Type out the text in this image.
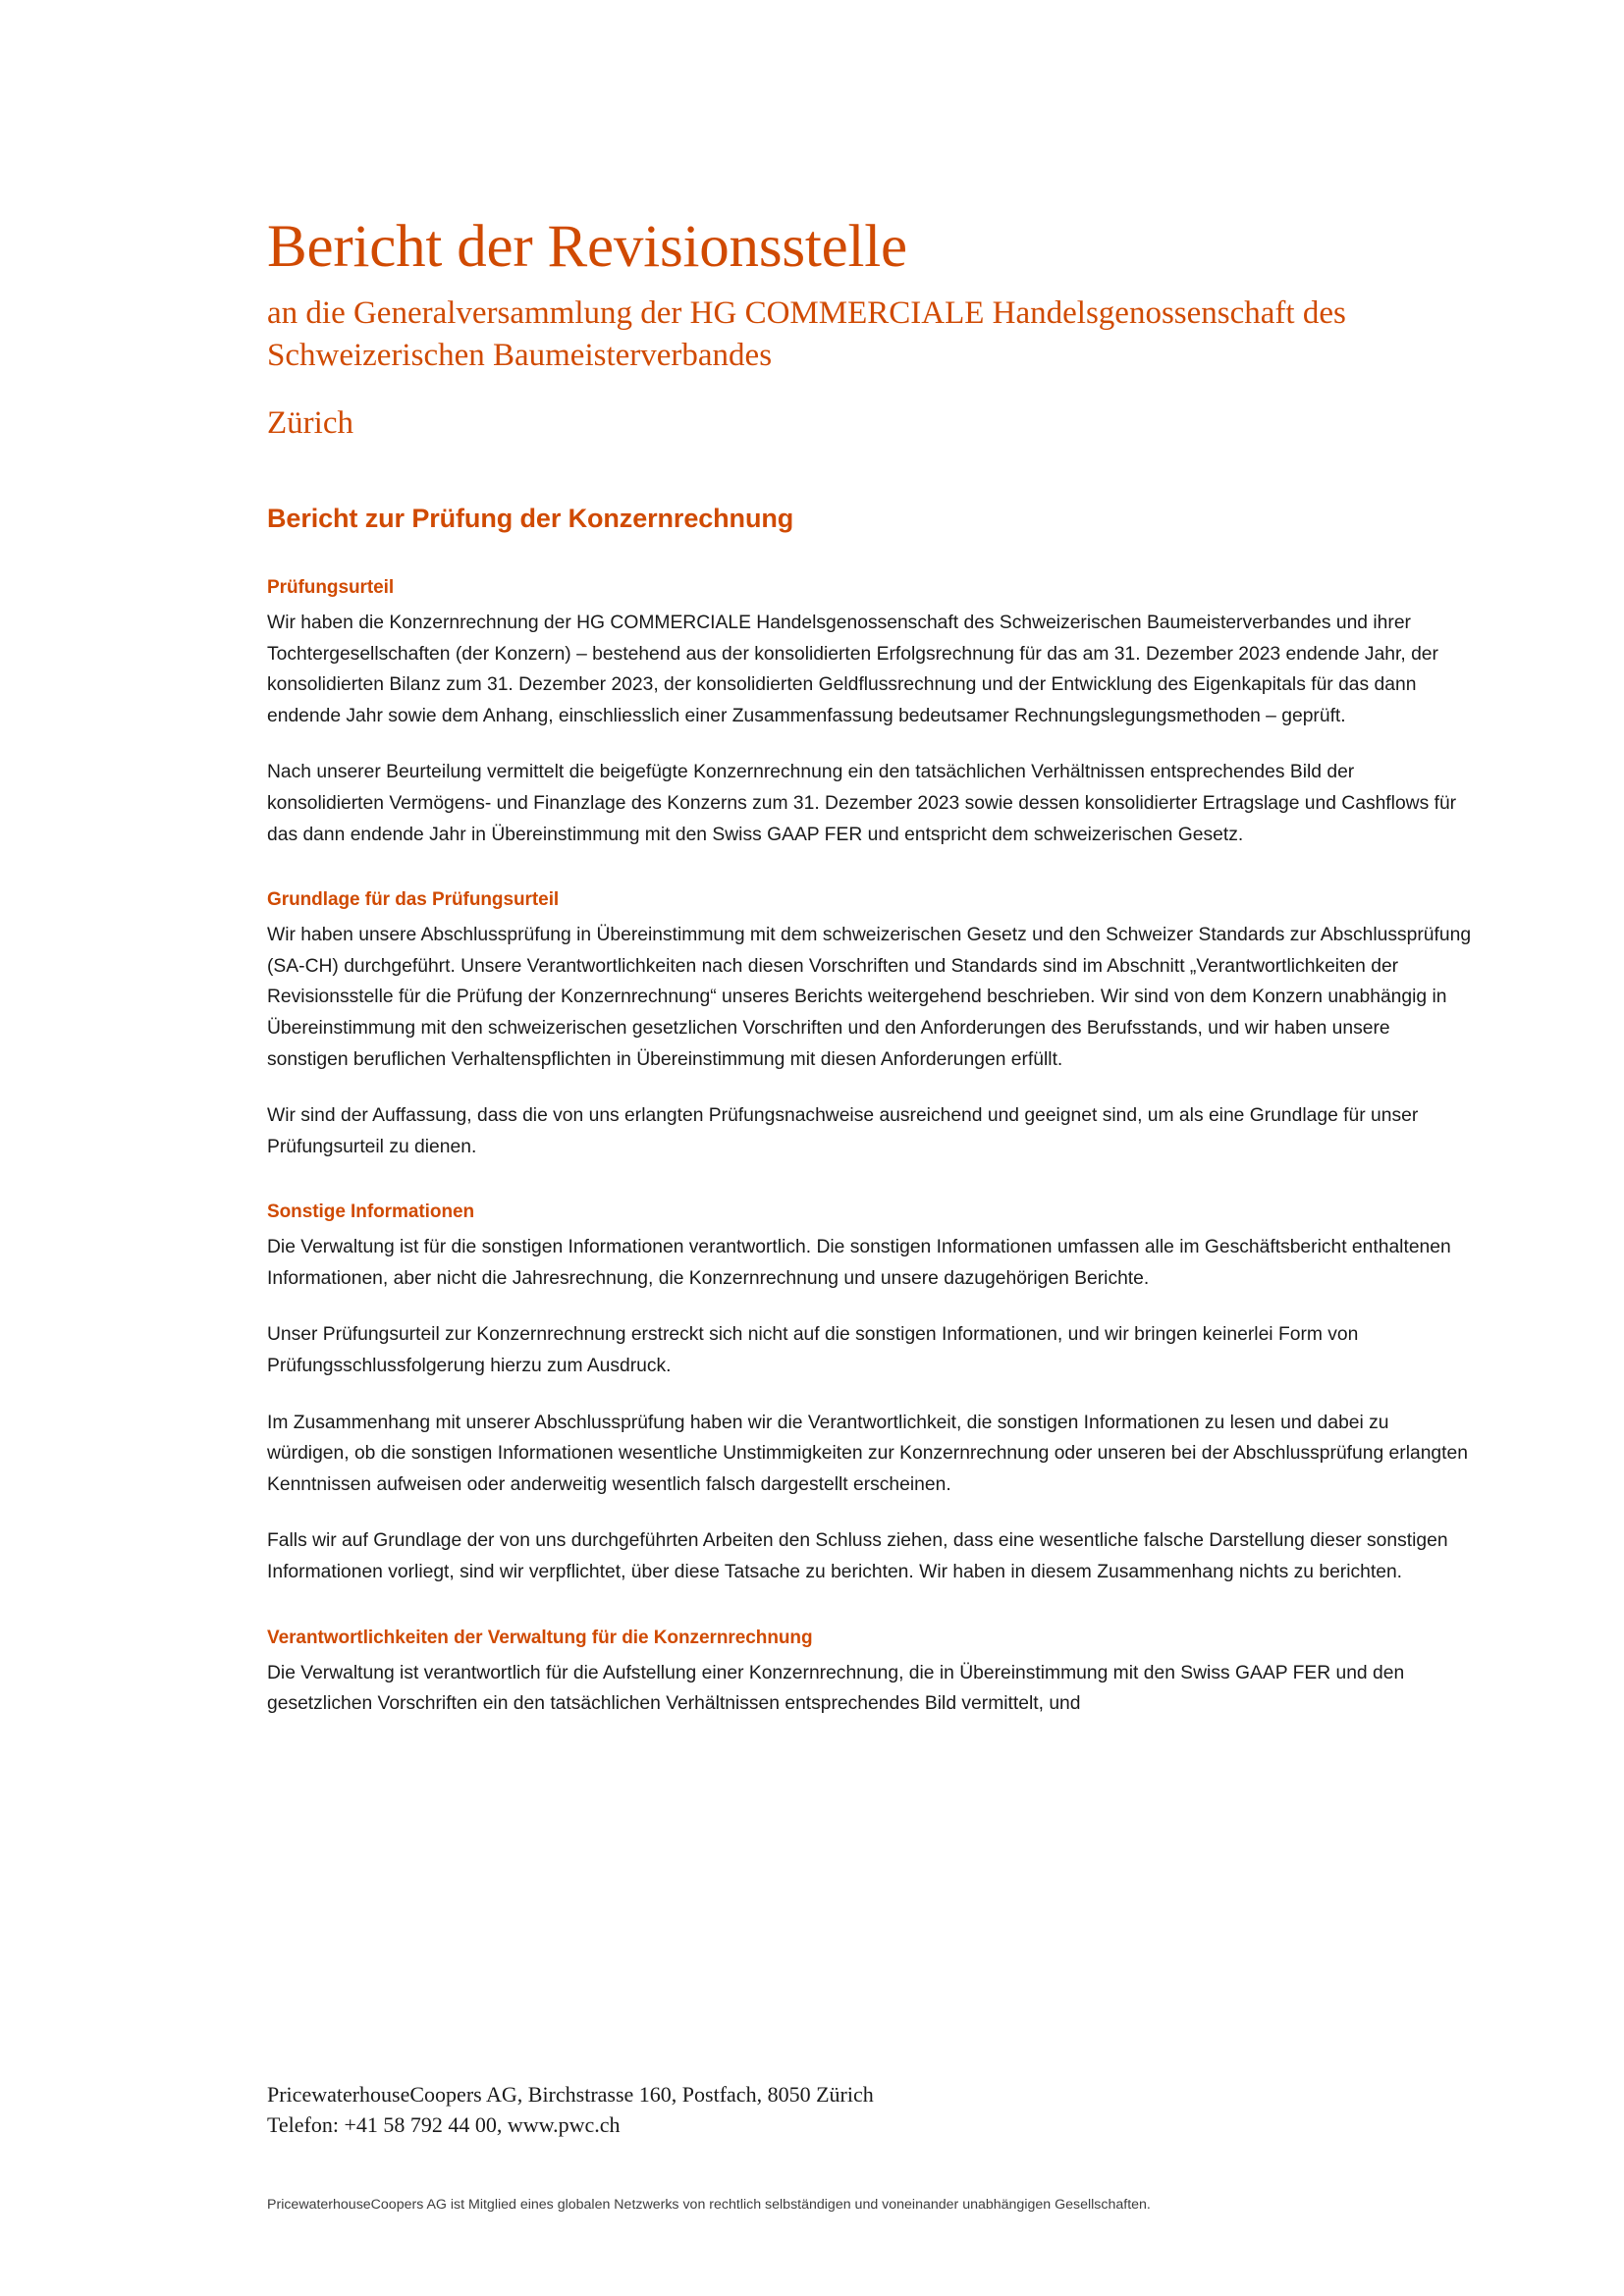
Bericht der Revisionsstelle
an die Generalversammlung der HG COMMERCIALE Handelsgenossenschaft des Schweizerischen Baumeisterverbandes
Zürich
Bericht zur Prüfung der Konzernrechnung
Prüfungsurteil

Wir haben die Konzernrechnung der HG COMMERCIALE Handelsgenossenschaft des Schweizerischen Baumeisterverbandes und ihrer Tochtergesellschaften (der Konzern) – bestehend aus der konsolidierten Erfolgsrechnung für das am 31. Dezember 2023 endende Jahr, der konsolidierten Bilanz zum 31. Dezember 2023, der konsolidierten Geldflussrechnung und der Entwicklung des Eigenkapitals für das dann endende Jahr sowie dem Anhang, einschliesslich einer Zusammenfassung bedeutsamer Rechnungslegungsmethoden – geprüft.

Nach unserer Beurteilung vermittelt die beigefügte Konzernrechnung ein den tatsächlichen Verhältnissen entsprechendes Bild der konsolidierten Vermögens- und Finanzlage des Konzerns zum 31. Dezember 2023 sowie dessen konsolidierter Ertragslage und Cashflows für das dann endende Jahr in Übereinstimmung mit den Swiss GAAP FER und entspricht dem schweizerischen Gesetz.

Grundlage für das Prüfungsurteil

Wir haben unsere Abschlussprüfung in Übereinstimmung mit dem schweizerischen Gesetz und den Schweizer Standards zur Abschlussprüfung (SA-CH) durchgeführt. Unsere Verantwortlichkeiten nach diesen Vorschriften und Standards sind im Abschnitt „Verantwortlichkeiten der Revisionsstelle für die Prüfung der Konzernrechnung“ unseres Berichts weitergehend beschrieben. Wir sind von dem Konzern unabhängig in Übereinstimmung mit den schweizerischen gesetzlichen Vorschriften und den Anforderungen des Berufsstands, und wir haben unsere sonstigen beruflichen Verhaltenspflichten in Übereinstimmung mit diesen Anforderungen erfüllt.

Wir sind der Auffassung, dass die von uns erlangten Prüfungsnachweise ausreichend und geeignet sind, um als eine Grundlage für unser Prüfungsurteil zu dienen.

Sonstige Informationen

Die Verwaltung ist für die sonstigen Informationen verantwortlich. Die sonstigen Informationen umfassen alle im Geschäftsbericht enthaltenen Informationen, aber nicht die Jahresrechnung, die Konzernrechnung und unsere dazugehörigen Berichte.

Unser Prüfungsurteil zur Konzernrechnung erstreckt sich nicht auf die sonstigen Informationen, und wir bringen keinerlei Form von Prüfungsschlussfolgerung hierzu zum Ausdruck.

Im Zusammenhang mit unserer Abschlussprüfung haben wir die Verantwortlichkeit, die sonstigen Informationen zu lesen und dabei zu würdigen, ob die sonstigen Informationen wesentliche Unstimmigkeiten zur Konzernrechnung oder unseren bei der Abschlussprüfung erlangten Kenntnissen aufweisen oder anderweitig wesentlich falsch dargestellt erscheinen.

Falls wir auf Grundlage der von uns durchgeführten Arbeiten den Schluss ziehen, dass eine wesentliche falsche Darstellung dieser sonstigen Informationen vorliegt, sind wir verpflichtet, über diese Tatsache zu berichten. Wir haben in diesem Zusammenhang nichts zu berichten.

Verantwortlichkeiten der Verwaltung für die Konzernrechnung

Die Verwaltung ist verantwortlich für die Aufstellung einer Konzernrechnung, die in Übereinstimmung mit den Swiss GAAP FER und den gesetzlichen Vorschriften ein den tatsächlichen Verhältnissen entsprechendes Bild vermittelt, und

PricewaterhouseCoopers AG, Birchstrasse 160, Postfach, 8050 Zürich
Telefon: +41 58 792 44 00, www.pwc.ch
PricewaterhouseCoopers AG ist Mitglied eines globalen Netzwerks von rechtlich selbständigen und voneinander unabhängigen Gesellschaften.
